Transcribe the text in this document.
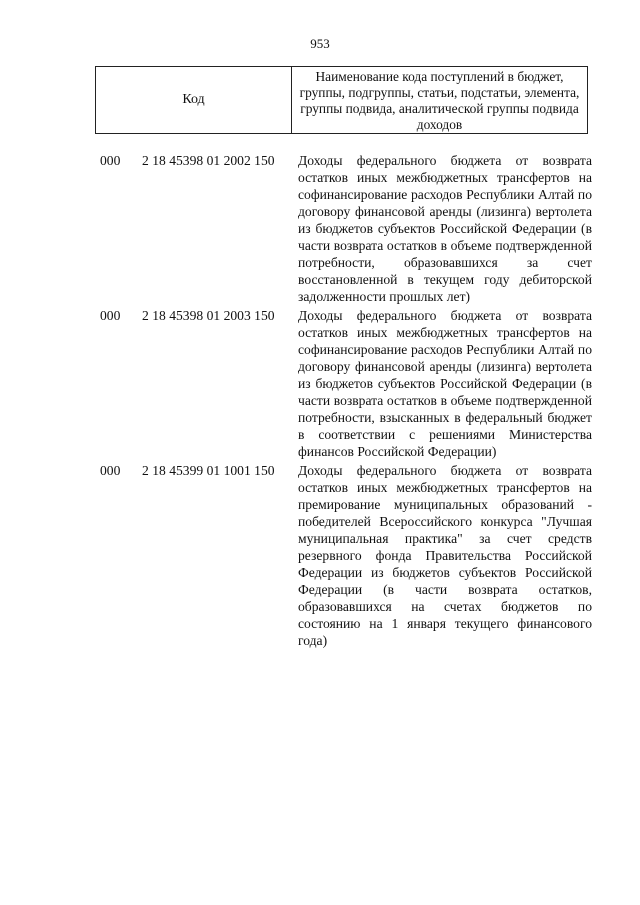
953
Код
Наименование кода поступлений в бюджет, группы, подгруппы, статьи, подстатьи, элемента, группы подвида, аналитической группы подвида доходов
000	2 18 45398 01 2002 150	Доходы федерального бюджета от возврата остатков иных межбюджетных трансфертов на софинансирование расходов Республики Алтай по договору финансовой аренды (лизинга) вертолета из бюджетов субъектов Российской Федерации (в части возврата остатков в объеме подтвержденной потребности, образовавшихся за счет восстановленной в текущем году дебиторской задолженности прошлых лет)
000	2 18 45398 01 2003 150	Доходы федерального бюджета от возврата остатков иных межбюджетных трансфертов на софинансирование расходов Республики Алтай по договору финансовой аренды (лизинга) вертолета из бюджетов субъектов Российской Федерации (в части возврата остатков в объеме подтвержденной потребности, взысканных в федеральный бюджет в соответствии с решениями Министерства финансов Российской Федерации)
000	2 18 45399 01 1001 150	Доходы федерального бюджета от возврата остатков иных межбюджетных трансфертов на премирование муниципальных образований - победителей Всероссийского конкурса "Лучшая муниципальная практика" за счет средств резервного фонда Правительства Российской Федерации из бюджетов субъектов Российской Федерации (в части возврата остатков, образовавшихся на счетах бюджетов по состоянию на 1 января текущего финансового года)
